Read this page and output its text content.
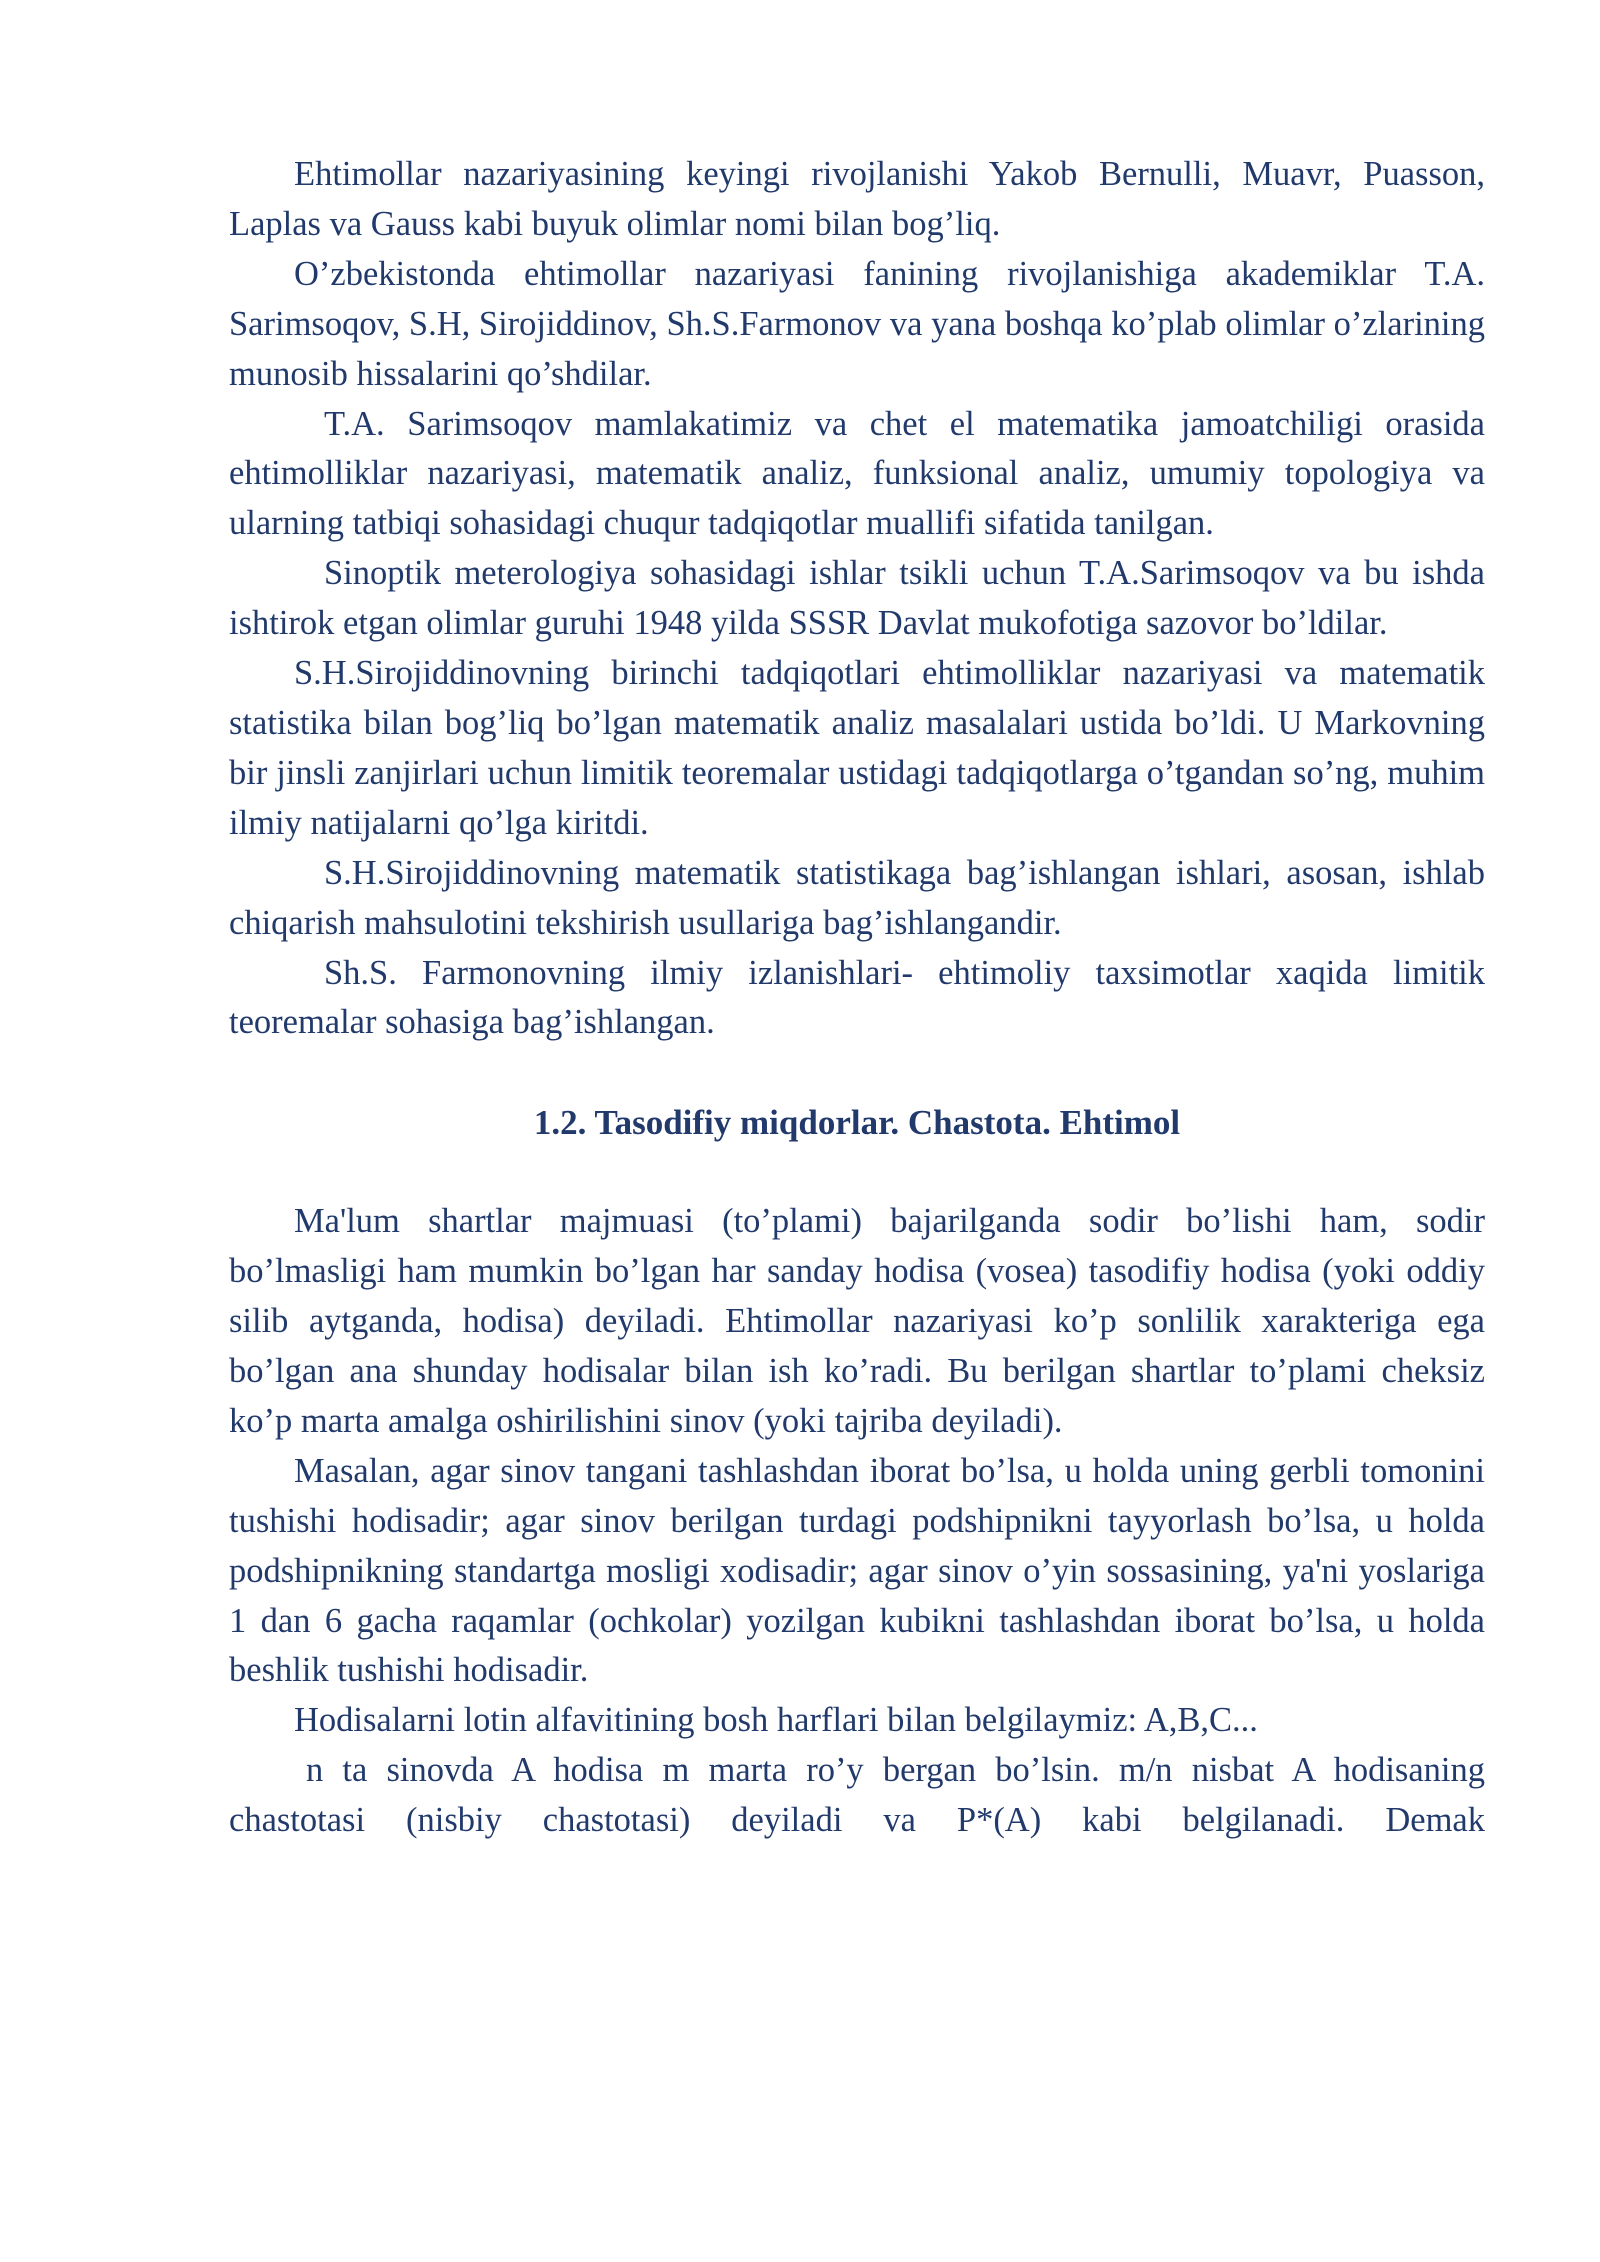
Ehtimollar nazariyasining keyingi rivojlanishi Yakob Bernulli, Muavr, Puasson, Laplas va Gauss kabi buyuk olimlar nomi bilan bog’liq.

O’zbekistonda ehtimollar nazariyasi fanining rivojlanishiga akademiklar T.A. Sarimsoqov, S.H, Sirojiddinov, Sh.S.Farmonov va yana boshqa ko’plab olimlar o’zlarining munosib hissalarini qo’shdilar.

T.A. Sarimsoqov mamlakatimiz va chet el matematika jamoatchiligi orasida ehtimolliklar nazariyasi, matematik analiz, funksional analiz, umumiy topologiya va ularning tatbiqi sohasidagi chuqur tadqiqotlar muallifi sifatida tanilgan.

Sinoptik meterologiya sohasidagi ishlar tsikli uchun T.A.Sarimsoqov va bu ishda ishtirok etgan olimlar guruhi 1948 yilda SSSR Davlat mukofotiga sazovor bo’ldilar.

S.H.Sirojiddinovning birinchi tadqiqotlari ehtimolliklar nazariyasi va matematik statistika bilan bog’liq bo’lgan matematik analiz masalalari ustida bo’ldi. U Markovning bir jinsli zanjirlari uchun limitik teoremalar ustidagi tadqiqotlarga o’tgandan so’ng, muhim ilmiy natijalarni qo’lga kiritdi.

S.H.Sirojiddinovning matematik statistikaga bag’ishlangan ishlari, asosan, ishlab chiqarish mahsulotini tekshirish usullariga bag’ishlangandir.

Sh.S. Farmonovning ilmiy izlanishlari- ehtimoliy taxsimotlar xaqida limitik teoremalar sohasiga bag’ishlangan.

1.2. Tasodifiy miqdorlar. Chastota. Ehtimol

Ma'lum shartlar majmuasi (to’plami) bajarilganda sodir bo’lishi ham, sodir bo’lmasligi ham mumkin bo’lgan har sanday hodisa (vosea) tasodifiy hodisa (yoki oddiy silib aytganda, hodisa) deyiladi. Ehtimollar nazariyasi ko’p sonlilik xarakteriga ega bo’lgan ana shunday hodisalar bilan ish ko’radi. Bu berilgan shartlar to’plami cheksiz ko’p marta amalga oshirilishini sinov (yoki tajriba deyiladi).

Masalan, agar sinov tangani tashlashdan iborat bo’lsa, u holda uning gerbli tomonini tushishi hodisadir; agar sinov berilgan turdagi podshipnikni tayyorlash bo’lsa, u holda podshipnikning standartga mosligi xodisadir; agar sinov o’yin sossasining, ya'ni yoslariga 1 dan 6 gacha raqamlar (ochkolar) yozilgan kubikni tashlashdan iborat bo’lsa, u holda beshlik tushishi hodisadir.

Hodisalarni lotin alfavitining bosh harflari bilan belgilaymiz: A,B,C...

n ta sinovda A hodisa m marta ro’y bergan bo’lsin. m/n nisbat A hodisaning chastotasi (nisbiy chastotasi) deyiladi va P*(A) kabi belgilanadi. Demak
